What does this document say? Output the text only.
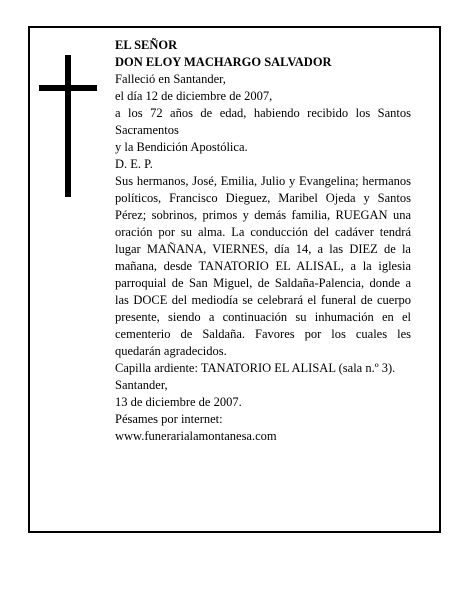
EL SEÑOR
DON ELOY MACHARGO SALVADOR
Falleció en Santander,
el día 12 de diciembre de 2007,
a los 72 años de edad, habiendo recibido los Santos Sacramentos
y la Bendición Apostólica.
D. E. P.
Sus hermanos, José, Emilia, Julio y Evangelina; hermanos políticos, Francisco Dieguez, Maribel Ojeda y Santos Pérez; sobrinos, primos y demás familia, RUEGAN una oración por su alma. La conducción del cadáver tendrá lugar MAÑANA, VIERNES, día 14, a las DIEZ de la mañana, desde TANATORIO EL ALISAL, a la iglesia parroquial de San Miguel, de Saldaña-Palencia, donde a las DOCE del mediodía se celebrará el funeral de cuerpo presente, siendo a continuación su inhumación en el cementerio de Saldaña. Favores por los cuales les quedarán agradecidos.
Capilla ardiente: TANATORIO EL ALISAL (sala n.º 3).
Santander,
13 de diciembre de 2007.
Pésames por internet:
www.funerarialamontanesa.com
